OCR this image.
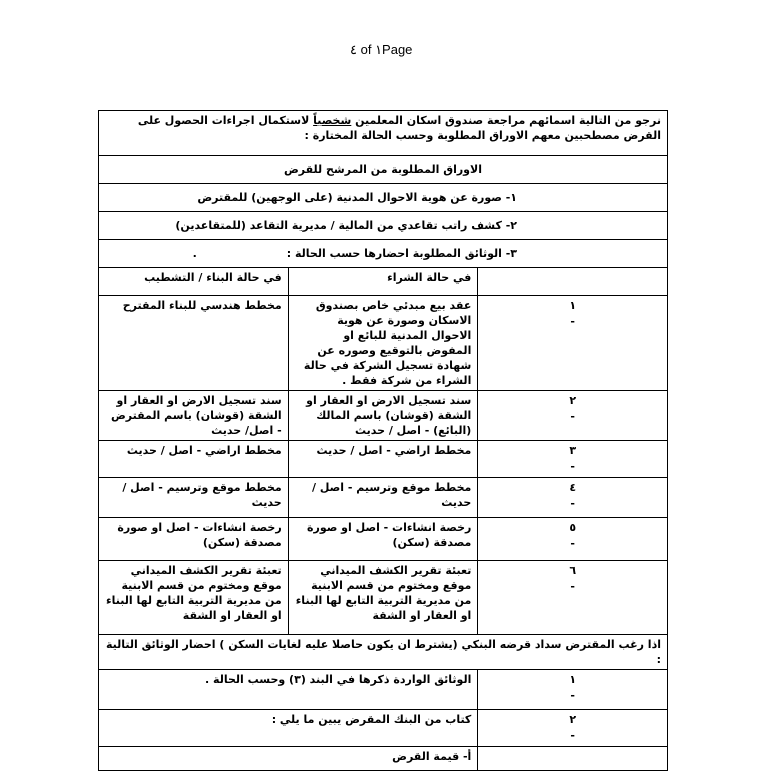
٤ of ١Page
نرجو من التالية اسمائهم مراجعة صندوق اسكان المعلمين شخصياً لاستكمال اجراءات الحصول على القرض مصطحبين معهم الاوراق المطلوبة وحسب الحالة المختارة :		
الاوراق المطلوبة من المرشح للقرض		
١- صورة عن هوية الاحوال المدنية (على الوجهين) للمقترض		
٢- كشف راتب تقاعدي من المالية / مديرية التقاعد (للمتقاعدين)		
٣- الوثائق المطلوبة احضارها حسب الحالة :.		
	في حالة الشراء	في حالة البناء / التشطيب

١
-	عقد بيع مبدئي خاص بصندوق الاسكان وصورة عن هوية الاحوال المدنية للبائع او المفوض بالتوقيع وصوره عن شهادة تسجيل الشركة في حالة الشراء من شركة فقط .	مخطط هندسي للبناء المقترح

٢
-	سند تسجيل الارض او العقار او الشقة (قوشان) باسم المالك (البائع) - اصل / حديث	سند تسجيل الارض او العقار او الشقة (قوشان) باسم المقترض - اصل/ حديث

٣
-	مخطط اراضي - اصل / حديث	مخطط اراضي - اصل / حديث

٤
-	مخطط موقع وترسيم - اصل / حديث	مخطط موقع وترسيم - اصل / حديث

٥
-	رخصة انشاءات - اصل او صورة مصدقة (سكن)	رخصة انشاءات - اصل او صورة مصدقة (سكن)

٦
-	تعبئة تقرير الكشف الميداني موقع ومختوم من قسم الابنية من مديرية التربية التابع لها البناء او العقار او الشقة	تعبئة تقرير الكشف الميداني موقع ومختوم من قسم الابنية من مديرية التربية التابع لها البناء او العقار او الشقة
اذا رغب المقترض سداد قرضه البنكي (يشترط ان يكون حاصلا عليه لغايات السكن ) احضار الوثائق التالية :		

١
-	الوثائق الواردة ذكرها في البند (٣) وحسب الحالة .	

٢
-	كتاب من البنك المقرض يبين ما يلي :	

	أ- قيمة القرض	
